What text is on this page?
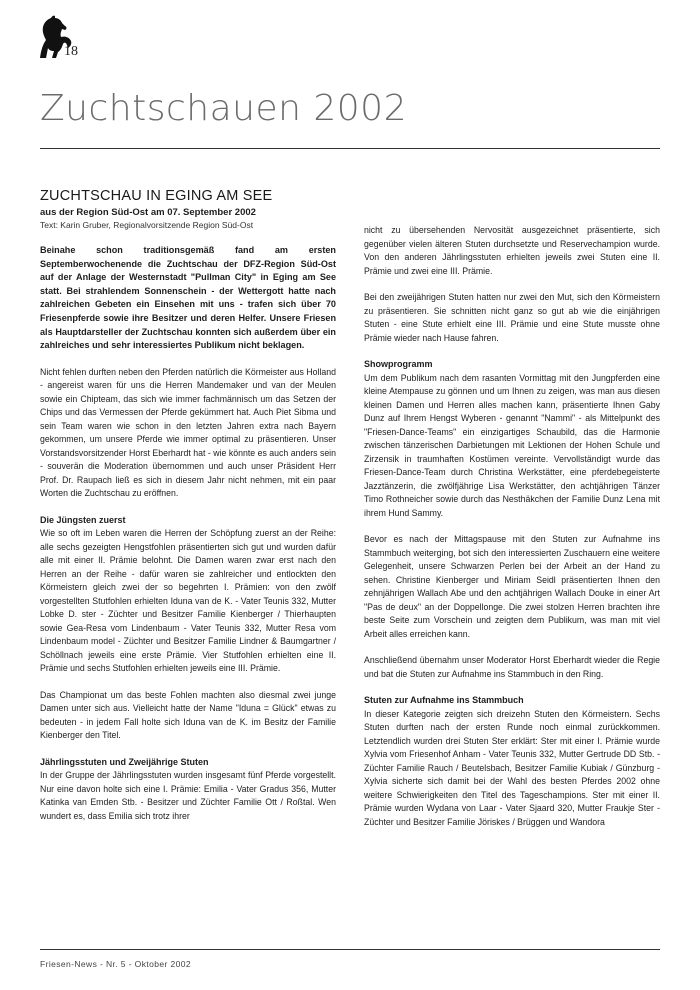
18
Zuchtschauen 2002
ZUCHTSCHAU IN EGING AM SEE
aus der Region Süd-Ost am 07. September 2002
Text: Karin Gruber, Regionalvorsitzende Region Süd-Ost

Beinahe schon traditionsgemäß fand am ersten Septemberwochenende die Zuchtschau der DFZ-Region Süd-Ost auf der Anlage der Westernstadt "Pullman City" in Eging am See statt. Bei strahlendem Sonnenschein - der Wettergott hatte nach zahlreichen Gebeten ein Einsehen mit uns - trafen sich über 70 Friesenpferde sowie ihre Besitzer und deren Helfer. Unsere Friesen als Hauptdarsteller der Zuchtschau konnten sich außerdem über ein zahlreiches und sehr interessiertes Publikum nicht beklagen.

Nicht fehlen durften neben den Pferden natürlich die Körmeister aus Holland - angereist waren für uns die Herren Mandemaker und van der Meulen sowie ein Chipteam, das sich wie immer fachmännisch um das Setzen der Chips und das Vermessen der Pferde gekümmert hat. Auch Piet Sibma und sein Team waren wie schon in den letzten Jahren extra nach Bayern gekommen, um unsere Pferde wie immer optimal zu präsentieren. Unser Vorstandsvorsitzender Horst Eberhardt hat - wie könnte es auch anders sein - souverän die Moderation übernommen und auch unser Präsident Herr Prof. Dr. Raupach ließ es sich in diesem Jahr nicht nehmen, mit ein paar Worten die Zuchtschau zu eröffnen.

Die Jüngsten zuerst

Wie so oft im Leben waren die Herren der Schöpfung zuerst an der Reihe: alle sechs gezeigten Hengstfohlen präsentierten sich gut und wurden dafür alle mit einer II. Prämie belohnt. Die Damen waren zwar erst nach den Herren an der Reihe - dafür waren sie zahlreicher und entlockten den Körmeistern gleich zwei der so begehrten I. Prämien: von den zwölf vorgestellten Stutfohlen erhielten Iduna van de K. - Vater Teunis 332, Mutter Lobke D. ster - Züchter und Besitzer Familie Kienberger / Thierhaupten sowie Gea-Resa vom Lindenbaum - Vater Teunis 332, Mutter Resa vom Lindenbaum model - Züchter und Besitzer Familie Lindner & Baumgartner / Schöllnach jeweils eine erste Prämie. Vier Stutfohlen erhielten eine II. Prämie und sechs Stutfohlen erhielten jeweils eine III. Prämie.

Das Championat um das beste Fohlen machten also diesmal zwei junge Damen unter sich aus. Vielleicht hatte der Name "Iduna = Glück" etwas zu bedeuten - in jedem Fall holte sich Iduna van de K. im Besitz der Familie Kienberger den Titel.

Jährlingsstuten und Zweijährige Stuten

In der Gruppe der Jährlingsstuten wurden insgesamt fünf Pferde vorgestellt. Nur eine davon holte sich eine I. Prämie: Emilia - Vater Gradus 356, Mutter Katinka van Emden Stb. - Besitzer und Züchter Familie Ott / Roßtal. Wen wundert es, dass Emilia sich trotz ihrer

nicht zu übersehenden Nervosität ausgezeichnet präsentierte, sich gegenüber vielen älteren Stuten durchsetzte und Reservechampion wurde. Von den anderen Jährlingsstuten erhielten jeweils zwei Stuten eine II. Prämie und zwei eine III. Prämie.

Bei den zweijährigen Stuten hatten nur zwei den Mut, sich den Körmeistern zu präsentieren. Sie schnitten nicht ganz so gut ab wie die einjährigen Stuten - eine Stute erhielt eine III. Prämie und eine Stute musste ohne Prämie wieder nach Hause fahren.

Showprogramm

Um dem Publikum nach dem rasanten Vormittag mit den Jungpferden eine kleine Atempause zu gönnen und um Ihnen zu zeigen, was man aus diesen kleinen Damen und Herren alles machen kann, präsentierte Ihnen Gaby Dunz auf Ihrem Hengst Wyberen - genannt "Nammi" - als Mittelpunkt des "Friesen-Dance-Teams" ein einzigartiges Schaubild, das die Harmonie zwischen tänzerischen Darbietungen mit Lektionen der Hohen Schule und Zirzensik in traumhaften Kostümen vereinte. Vervollständigt wurde das Friesen-Dance-Team durch Christina Werkstätter, eine pferdebegeisterte Jazztänzerin, die zwölfjährige Lisa Werkstätter, den achtjährigen Tänzer Timo Rothneicher sowie durch das Nesthäkchen der Familie Dunz Lena mit ihrem Hund Sammy.

Bevor es nach der Mittagspause mit den Stuten zur Aufnahme ins Stammbuch weiterging, bot sich den interessierten Zuschauern eine weitere Gelegenheit, unsere Schwarzen Perlen bei der Arbeit an der Hand zu sehen. Christine Kienberger und Miriam Seidl präsentierten Ihnen den zehnjährigen Wallach Abe und den achtjährigen Wallach Douke in einer Art "Pas de deux" an der Doppellonge. Die zwei stolzen Herren brachten ihre beste Seite zum Vorschein und zeigten dem Publikum, was man mit viel Arbeit alles erreichen kann.

Anschließend übernahm unser Moderator Horst Eberhardt wieder die Regie und bat die Stuten zur Aufnahme ins Stammbuch in den Ring.

Stuten zur Aufnahme ins Stammbuch

In dieser Kategorie zeigten sich dreizehn Stuten den Körmeistern. Sechs Stuten durften nach der ersten Runde noch einmal zurückkommen. Letztendlich wurden drei Stuten Ster erklärt: Ster mit einer I. Prämie wurde Xylvia vom Friesenhof Anham - Vater Teunis 332, Mutter Gertrude DD Stb. - Züchter Familie Rauch / Beutelsbach, Besitzer Familie Kubiak / Günzburg - Xylvia sicherte sich damit bei der Wahl des besten Pferdes 2002 ohne weitere Schwierigkeiten den Titel des Tageschampions. Ster mit einer II. Prämie wurden Wydana von Laar - Vater Sjaard 320, Mutter Fraukje Ster - Züchter und Besitzer Familie Jöriskes / Brüggen und Wandora

Friesen-News - Nr. 5 - Oktober 2002
